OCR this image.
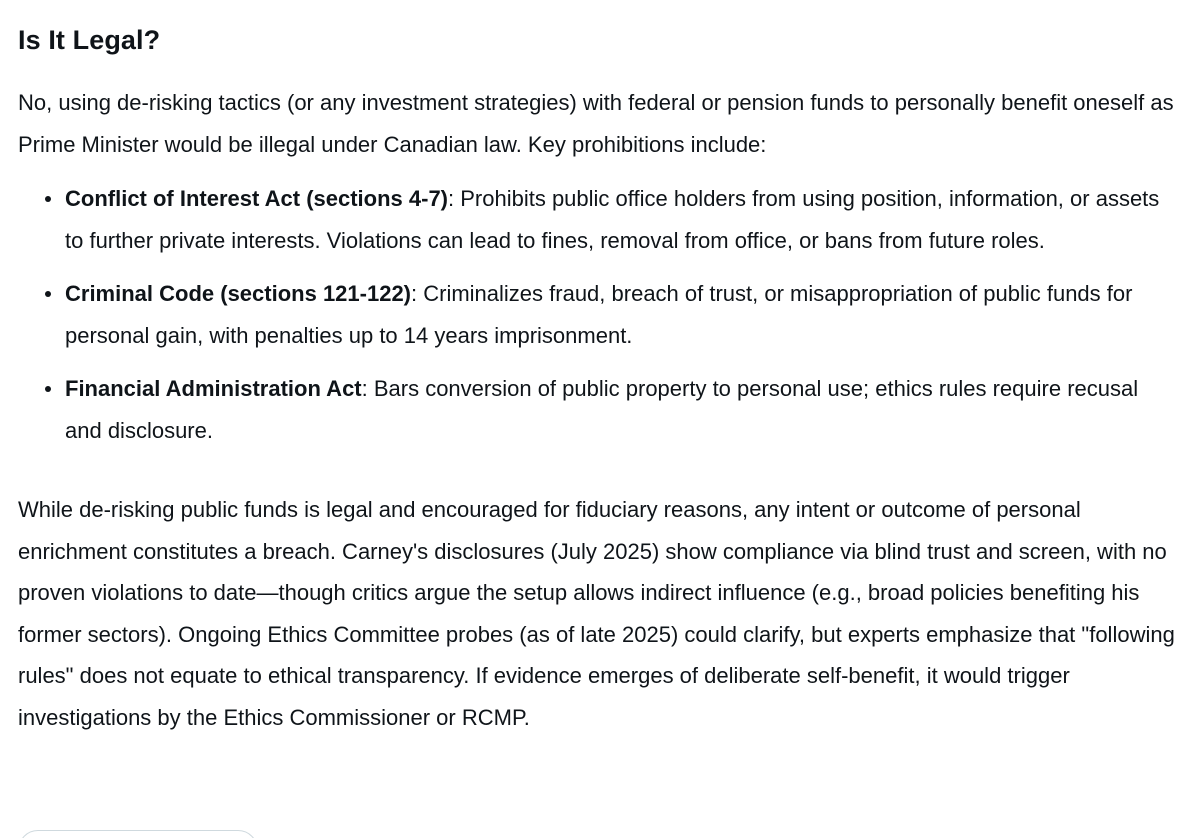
Is It Legal?

No, using de-risking tactics (or any investment strategies) with federal or pension funds to personally benefit oneself as Prime Minister would be illegal under Canadian law. Key prohibitions include:

Conflict of Interest Act (sections 4-7): Prohibits public office holders from using position, information, or assets to further private interests. Violations can lead to fines, removal from office, or bans from future roles.
Criminal Code (sections 121-122): Criminalizes fraud, breach of trust, or misappropriation of public funds for personal gain, with penalties up to 14 years imprisonment.
Financial Administration Act: Bars conversion of public property to personal use; ethics rules require recusal and disclosure.

While de-risking public funds is legal and encouraged for fiduciary reasons, any intent or outcome of personal enrichment constitutes a breach. Carney's disclosures (July 2025) show compliance via blind trust and screen, with no proven violations to date—though critics argue the setup allows indirect influence (e.g., broad policies benefiting his former sectors). Ongoing Ethics Committee probes (as of late 2025) could clarify, but experts emphasize that "following rules" does not equate to ethical transparency. If evidence emerges of deliberate self-benefit, it would trigger investigations by the Ethics Commissioner or RCMP.
